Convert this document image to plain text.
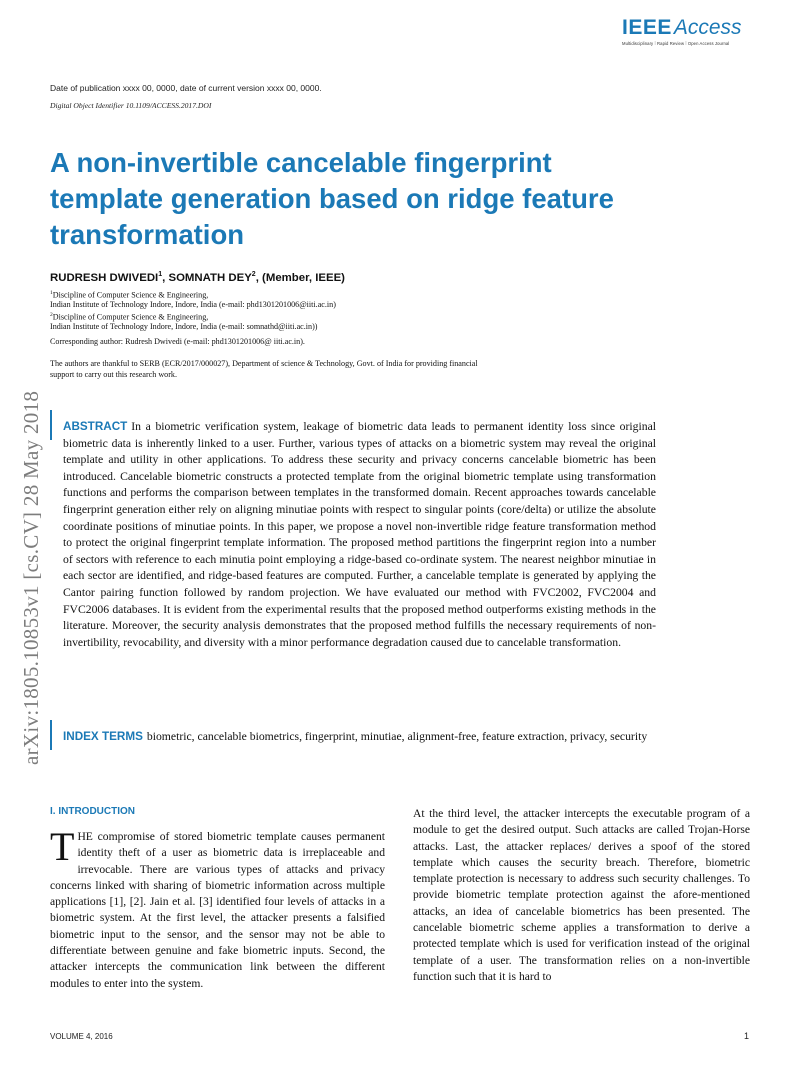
IEEEAccess
Multidisciplinary ⁞ Rapid Review ⁞ Open Access Journal
Date of publication xxxx 00, 0000, date of current version xxxx 00, 0000.
Digital Object Identifier 10.1109/ACCESS.2017.DOI
arXiv:1805.10853v1 [cs.CV] 28 May 2018
A non-invertible cancelable fingerprint template generation based on ridge feature transformation
RUDRESH DWIVEDI$^1$, SOMNATH DEY$^2$, (Member, IEEE)
$^1$Discipline of Computer Science & Engineering,
Indian Institute of Technology Indore, Indore, India (e-mail: phd1301201006@iiti.ac.in)
$^2$Discipline of Computer Science & Engineering,
Indian Institute of Technology Indore, Indore, India (e-mail: somnathd@iiti.ac.in))
Corresponding author: Rudresh Dwivedi (e-mail: phd1301201006@ iiti.ac.in).
The authors are thankful to SERB (ECR/2017/000027), Department of science & Technology, Govt. of India for providing financial
support to carry out this research work.

ABSTRACT In a biometric verification system, leakage of biometric data leads to permanent identity loss since original biometric data is inherently linked to a user. Further, various types of attacks on a biometric system may reveal the original template and utility in other applications. To address these security and privacy concerns cancelable biometric has been introduced. Cancelable biometric constructs a protected template from the original biometric template using transformation functions and performs the comparison between templates in the transformed domain. Recent approaches towards cancelable fingerprint generation either rely on aligning minutiae points with respect to singular points (core/delta) or utilize the absolute coordinate positions of minutiae points. In this paper, we propose a novel non-invertible ridge feature transformation method to protect the original fingerprint template information. The proposed method partitions the fingerprint region into a number of sectors with reference to each minutia point employing a ridge-based co-ordinate system. The nearest neighbor minutiae in each sector are identified, and ridge-based features are computed. Further, a cancelable template is generated by applying the Cantor pairing function followed by random projection. We have evaluated our method with FVC2002, FVC2004 and FVC2006 databases. It is evident from the experimental results that the proposed method outperforms existing methods in the literature. Moreover, the security analysis demonstrates that the proposed method fulfills the necessary requirements of non-invertibility, revocability, and diversity with a minor performance degradation caused due to cancelable transformation.

INDEX TERMS biometric, cancelable biometrics, fingerprint, minutiae, alignment-free, feature extraction, privacy, security

I. INTRODUCTION

THE compromise of stored biometric template causes permanent identity theft of a user as biometric data is irreplaceable and irrevocable. There are various types of attacks and privacy concerns linked with sharing of biometric information across multiple applications [1], [2]. Jain et al. [3] identified four levels of attacks in a biometric system. At the first level, the attacker presents a falsified biometric input to the sensor, and the sensor may not be able to differentiate between genuine and fake biometric inputs. Second, the attacker intercepts the communication link between the different modules to enter into the system.

At the third level, the attacker intercepts the executable program of a module to get the desired output. Such attacks are called Trojan-Horse attacks. Last, the attacker replaces/ derives a spoof of the stored template which causes the security breach. Therefore, biometric template protection is necessary to address such security challenges. To provide biometric template protection against the afore-mentioned attacks, an idea of cancelable biometrics has been presented. The cancelable biometric scheme applies a transformation to derive a protected template which is used for verification instead of the original template of a user. The transformation relies on a non-invertible function such that it is hard to

VOLUME 4, 2016	1
